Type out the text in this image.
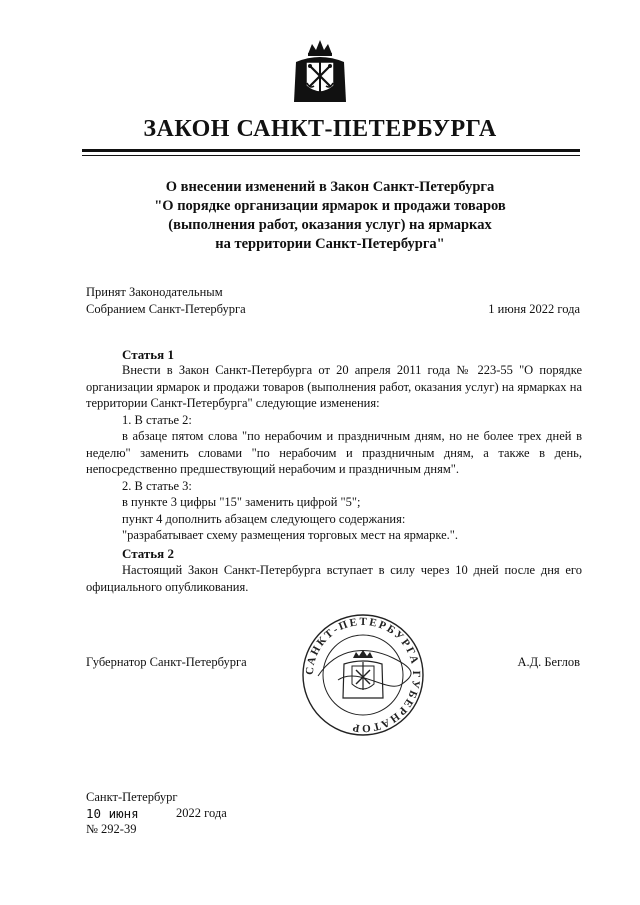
ЗАКОН САНКТ-ПЕТЕРБУРГА
О внесении изменений в Закон Санкт-Петербурга
"О порядке организации ярмарок и продажи товаров
(выполнения работ, оказания услуг) на ярмарках
на территории Санкт-Петербурга"
Принят Законодательным
Собранием Санкт-Петербурга	1 июня 2022 года
Статья 1
Внести в Закон Санкт-Петербурга от 20 апреля 2011 года № 223-55 "О порядке организации ярмарок и продажи товаров (выполнения работ, оказания услуг) на ярмарках на территории Санкт-Петербурга" следующие изменения:
1. В статье 2:
в абзаце пятом слова "по нерабочим и праздничным дням, но не более трех дней в неделю" заменить словами "по нерабочим и праздничным дням, а также в день, непосредственно предшествующий нерабочим и праздничным дням".
2. В статье 3:
в пункте 3 цифры "15" заменить цифрой "5";
пункт 4 дополнить абзацем следующего содержания:
"разрабатывает схему размещения торговых мест на ярмарке.".
Статья 2
Настоящий Закон Санкт-Петербурга вступает в силу через 10 дней после дня его официального опубликования.
Губернатор Санкт-Петербурга	А.Д. Беглов
САНКТ-ПЕТЕРБУРГА ГУБЕРНАТОР
Санкт-Петербург
10 июня	2022 года
№ 292-39
